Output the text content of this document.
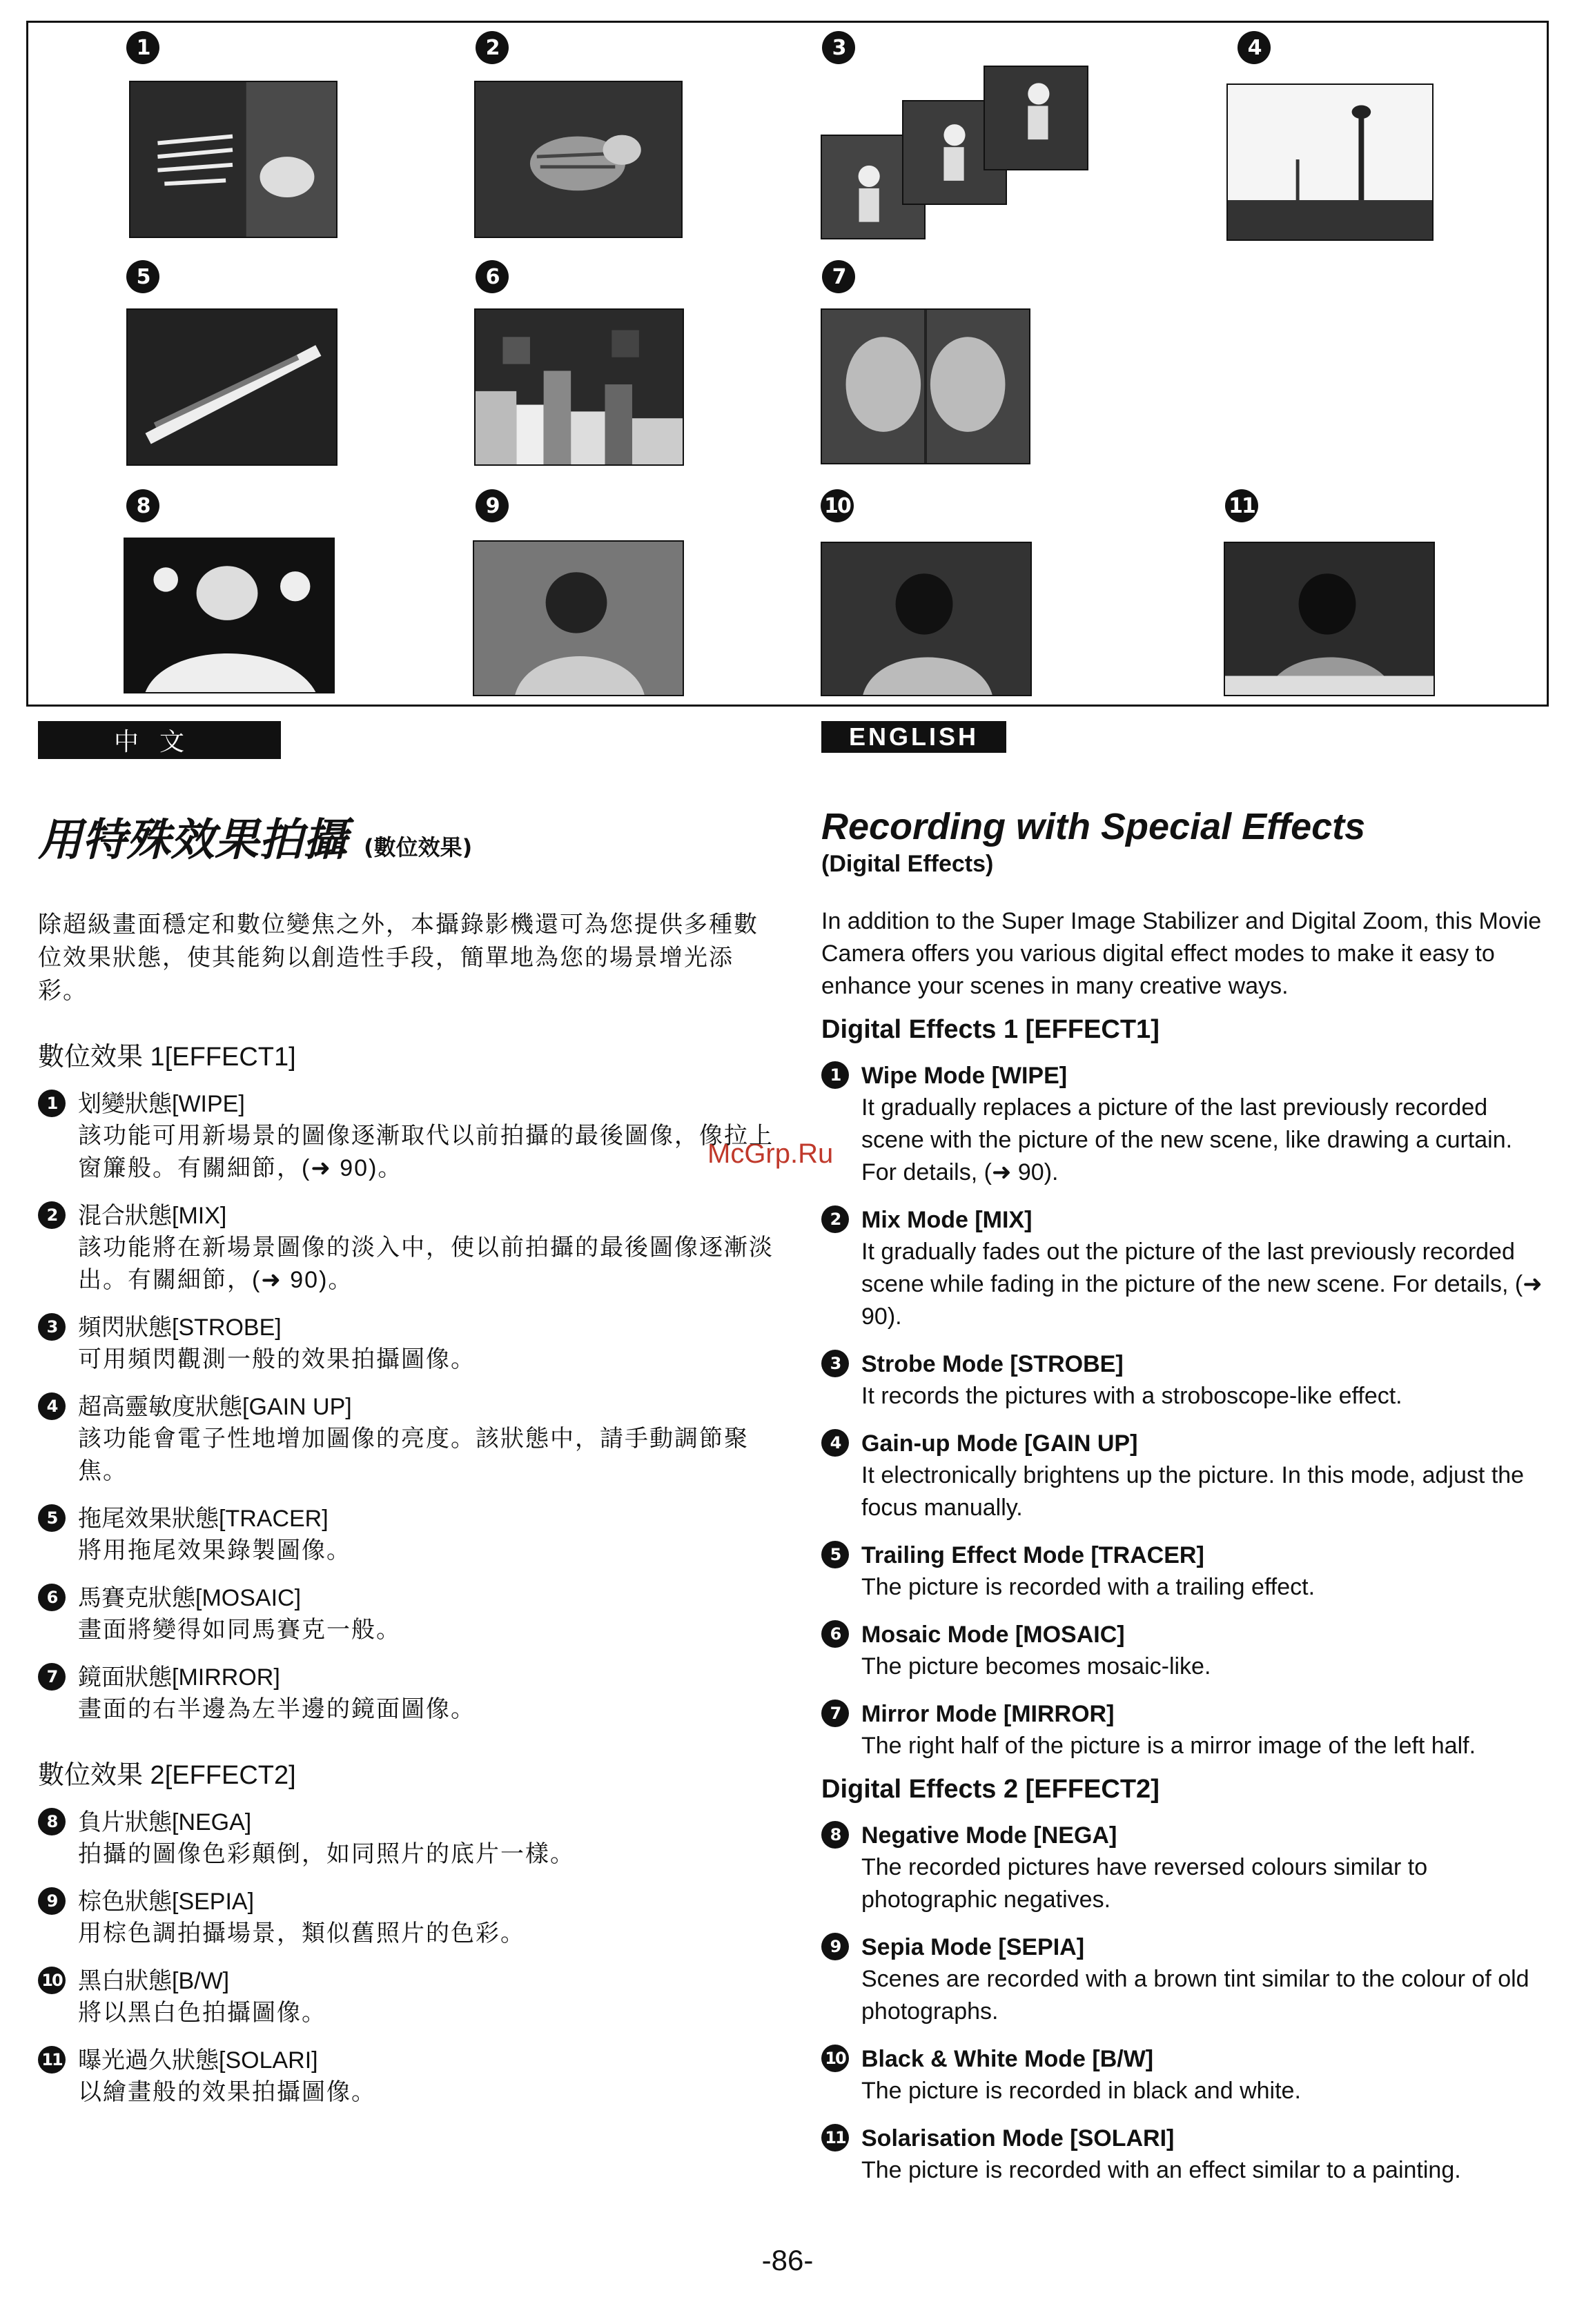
1	2	3	4
5	6	7
8	9	10	11
McGrp.Ru
中文
用特殊效果拍攝 (數位效果)
除超級畫面穩定和數位變焦之外，本攝錄影機還可為您提供多種數位效果狀態，使其能夠以創造性手段，簡單地為您的場景增光添彩。
數位效果 1[EFFECT1]
1 划變狀態[WIPE]
該功能可用新場景的圖像逐漸取代以前拍攝的最後圖像，像拉上窗簾般。有關細節，(➜ 90)。
2 混合狀態[MIX]
該功能將在新場景圖像的淡入中，使以前拍攝的最後圖像逐漸淡出。有關細節，(➜ 90)。
3 頻閃狀態[STROBE]
可用頻閃觀測一般的效果拍攝圖像。
4 超高靈敏度狀態[GAIN UP]
該功能會電子性地增加圖像的亮度。該狀態中，請手動調節聚焦。
5 拖尾效果狀態[TRACER]
將用拖尾效果錄製圖像。
6 馬賽克狀態[MOSAIC]
畫面將變得如同馬賽克一般。
7 鏡面狀態[MIRROR]
畫面的右半邊為左半邊的鏡面圖像。
數位效果 2[EFFECT2]
8 負片狀態[NEGA]
拍攝的圖像色彩顛倒，如同照片的底片一樣。
9 棕色狀態[SEPIA]
用棕色調拍攝場景，類似舊照片的色彩。
10 黑白狀態[B/W]
將以黑白色拍攝圖像。
11 曝光過久狀態[SOLARI]
以繪畫般的效果拍攝圖像。
ENGLISH
Recording with Special Effects
(Digital Effects)
In addition to the Super Image Stabilizer and Digital Zoom, this Movie Camera offers you various digital effect modes to make it easy to enhance your scenes in many creative ways.
Digital Effects 1 [EFFECT1]
1 Wipe Mode [WIPE]
It gradually replaces a picture of the last previously recorded scene with the picture of the new scene, like drawing a curtain. For details, (➜ 90).
2 Mix Mode [MIX]
It gradually fades out the picture of the last previously recorded scene while fading in the picture of the new scene. For details, (➜ 90).
3 Strobe Mode [STROBE]
It records the pictures with a stroboscope-like effect.
4 Gain-up Mode [GAIN UP]
It electronically brightens up the picture. In this mode, adjust the focus manually.
5 Trailing Effect Mode [TRACER]
The picture is recorded with a trailing effect.
6 Mosaic Mode [MOSAIC]
The picture becomes mosaic-like.
7 Mirror Mode [MIRROR]
The right half of the picture is a mirror image of the left half.
Digital Effects 2 [EFFECT2]
8 Negative Mode [NEGA]
The recorded pictures have reversed colours similar to photographic negatives.
9 Sepia Mode [SEPIA]
Scenes are recorded with a brown tint similar to the colour of old photographs.
10 Black & White Mode [B/W]
The picture is recorded in black and white.
11 Solarisation Mode [SOLARI]
The picture is recorded with an effect similar to a painting.
-86-
